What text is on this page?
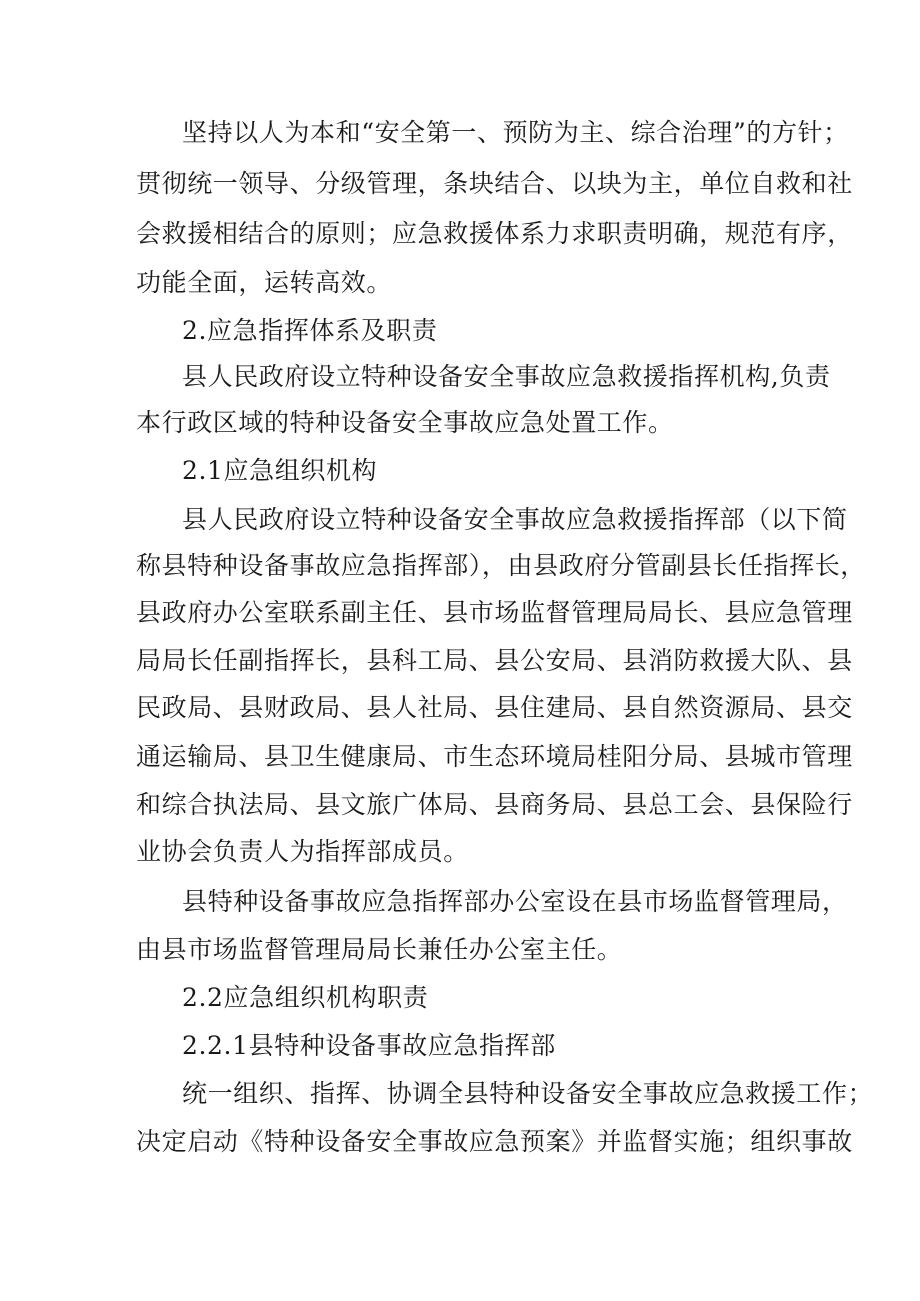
坚持以人为本和“安全第一、预防为主、综合治理”的方针；
贯彻统一领导、分级管理，条块结合、以块为主，单位自救和社
会救援相结合的原则；应急救援体系力求职责明确，规范有序，
功能全面，运转高效。
2.应急指挥体系及职责
县人民政府设立特种设备安全事故应急救援指挥机构,负责
本行政区域的特种设备安全事故应急处置工作。
2.1应急组织机构
县人民政府设立特种设备安全事故应急救援指挥部（以下简
称县特种设备事故应急指挥部），由县政府分管副县长任指挥长，
县政府办公室联系副主任、县市场监督管理局局长、县应急管理
局局长任副指挥长，县科工局、县公安局、县消防救援大队、县
民政局、县财政局、县人社局、县住建局、县自然资源局、县交
通运输局、县卫生健康局、市生态环境局桂阳分局、县城市管理
和综合执法局、县文旅广体局、县商务局、县总工会、县保险行
业协会负责人为指挥部成员。
县特种设备事故应急指挥部办公室设在县市场监督管理局，
由县市场监督管理局局长兼任办公室主任。
2.2应急组织机构职责
2.2.1县特种设备事故应急指挥部
统一组织、指挥、协调全县特种设备安全事故应急救援工作；
决定启动《特种设备安全事故应急预案》并监督实施；组织事故
